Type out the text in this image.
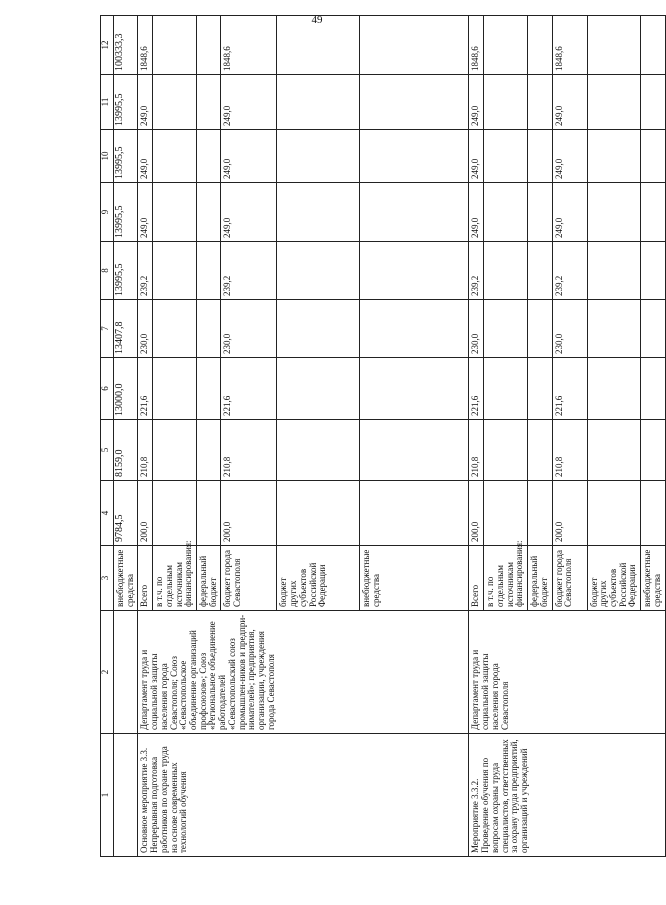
49
1	2	3	4	5	6	7	8	9	10	11	12
		внебюджетные средства	9784,5	8159,0	13000,0	13407,8	13995,5	13995,5	13995,5	13995,5	100333,3
Основное мероприятие 3.3. Непрерывная подготовка работников по охране труда на основе современных технологий обучения	Департамент труда и социальной защиты населения города Севастополя; Союз «Севастопольское объединение организаций профсоюзов»; Союз «Региональное объединение работодателей «Севастопольский союз промышлен-ников и предпри-нимателей»; предприятия, организации, учреждения города Севастополя	Всего	200,0	210,8	221,6	230,0	239,2	249,0	249,0	249,0	1848,6
		в т.ч. по отдельным источникам финансирования:									
		федеральный бюджет									
		бюджет города Севастополя	200,0	210,8	221,6	230,0	239,2	249,0	249,0	249,0	1848,6
		бюджет других субъектов Российской Федерации									
		внебюджетные средства									
Мероприятие 3.3.2. Проведение обучения по вопросам охраны труда специалистов, ответственных за охрану труда предприятий, организаций и учреждений	Департамент труда и социальной защиты населения города Севастополя	Всего	200,0	210,8	221,6	230,0	239,2	249,0	249,0	249,0	1848,6
		в т.ч. по отдельным источникам финансирования:									
		федеральный бюджет									
		бюджет города Севастополя	200,0	210,8	221,6	230,0	239,2	249,0	249,0	249,0	1848,6
		бюджет других субъектов Российской Федерации									
		внебюджетные средства									
